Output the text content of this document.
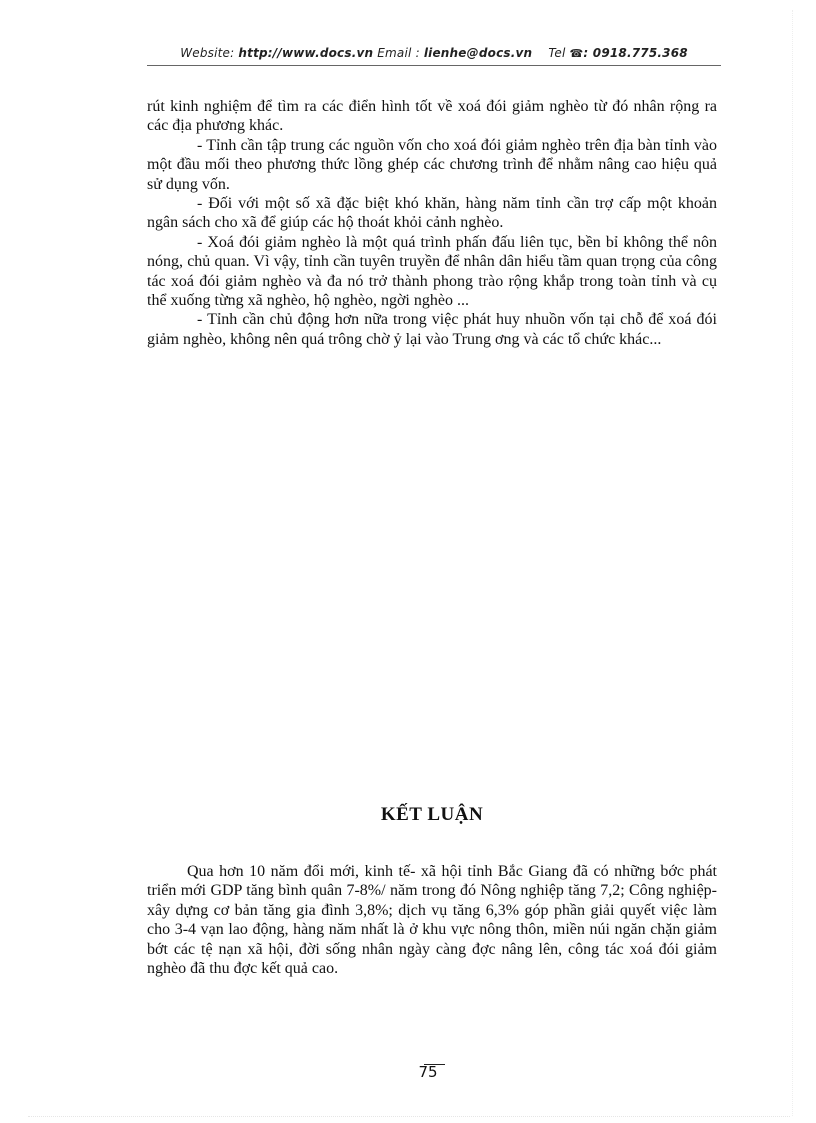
Website: http://www.docs.vn Email : lienhe@docs.vn Tel ☎: 0918.775.368

rút kinh nghiệm để tìm ra các điển hình tốt về xoá đói giảm nghèo từ đó nhân rộng ra các địa phương khác.

- Tỉnh cần tập trung các nguồn vốn cho xoá đói giảm nghèo trên địa bàn tỉnh vào một đầu mối theo phương thức lồng ghép các chương trình để nhằm nâng cao hiệu quả sử dụng vốn.

- Đối với một số xã đặc biệt khó khăn, hàng năm tỉnh cần trợ cấp một khoản ngân sách cho xã để giúp các hộ thoát khỏi cảnh nghèo.

- Xoá đói giảm nghèo là một quá trình phấn đấu liên tục, bền bỉ không thể nôn nóng, chủ quan. Vì vậy, tỉnh cần tuyên truyền để nhân dân hiểu tầm quan trọng của công tác xoá đói giảm nghèo và đa nó trở thành phong trào rộng khắp trong toàn tỉnh và cụ thể xuống từng xã nghèo, hộ nghèo, ngời nghèo ...

- Tỉnh cần chủ động hơn nữa trong việc phát huy nhuồn vốn tại chỗ để xoá đói giảm nghèo, không nên quá trông chờ ỷ lại vào Trung ơng và các tổ chức khác...

KẾT LUẬN

Qua hơn 10 năm đổi mới, kinh tế- xã hội tỉnh Bắc Giang đã có những bớc phát triển mới GDP tăng bình quân 7-8%/ năm trong đó Nông nghiệp tăng 7,2; Công nghiệp- xây dựng cơ bản tăng gia đình 3,8%; dịch vụ tăng 6,3% góp phần giải quyết việc làm cho 3-4 vạn lao động, hàng năm nhất là ở khu vực nông thôn, miền núi ngăn chặn giảm bớt các tệ nạn xã hội, đời sống nhân ngày càng đợc nâng lên, công tác xoá đói giảm nghèo đã thu đợc kết quả cao.

75
